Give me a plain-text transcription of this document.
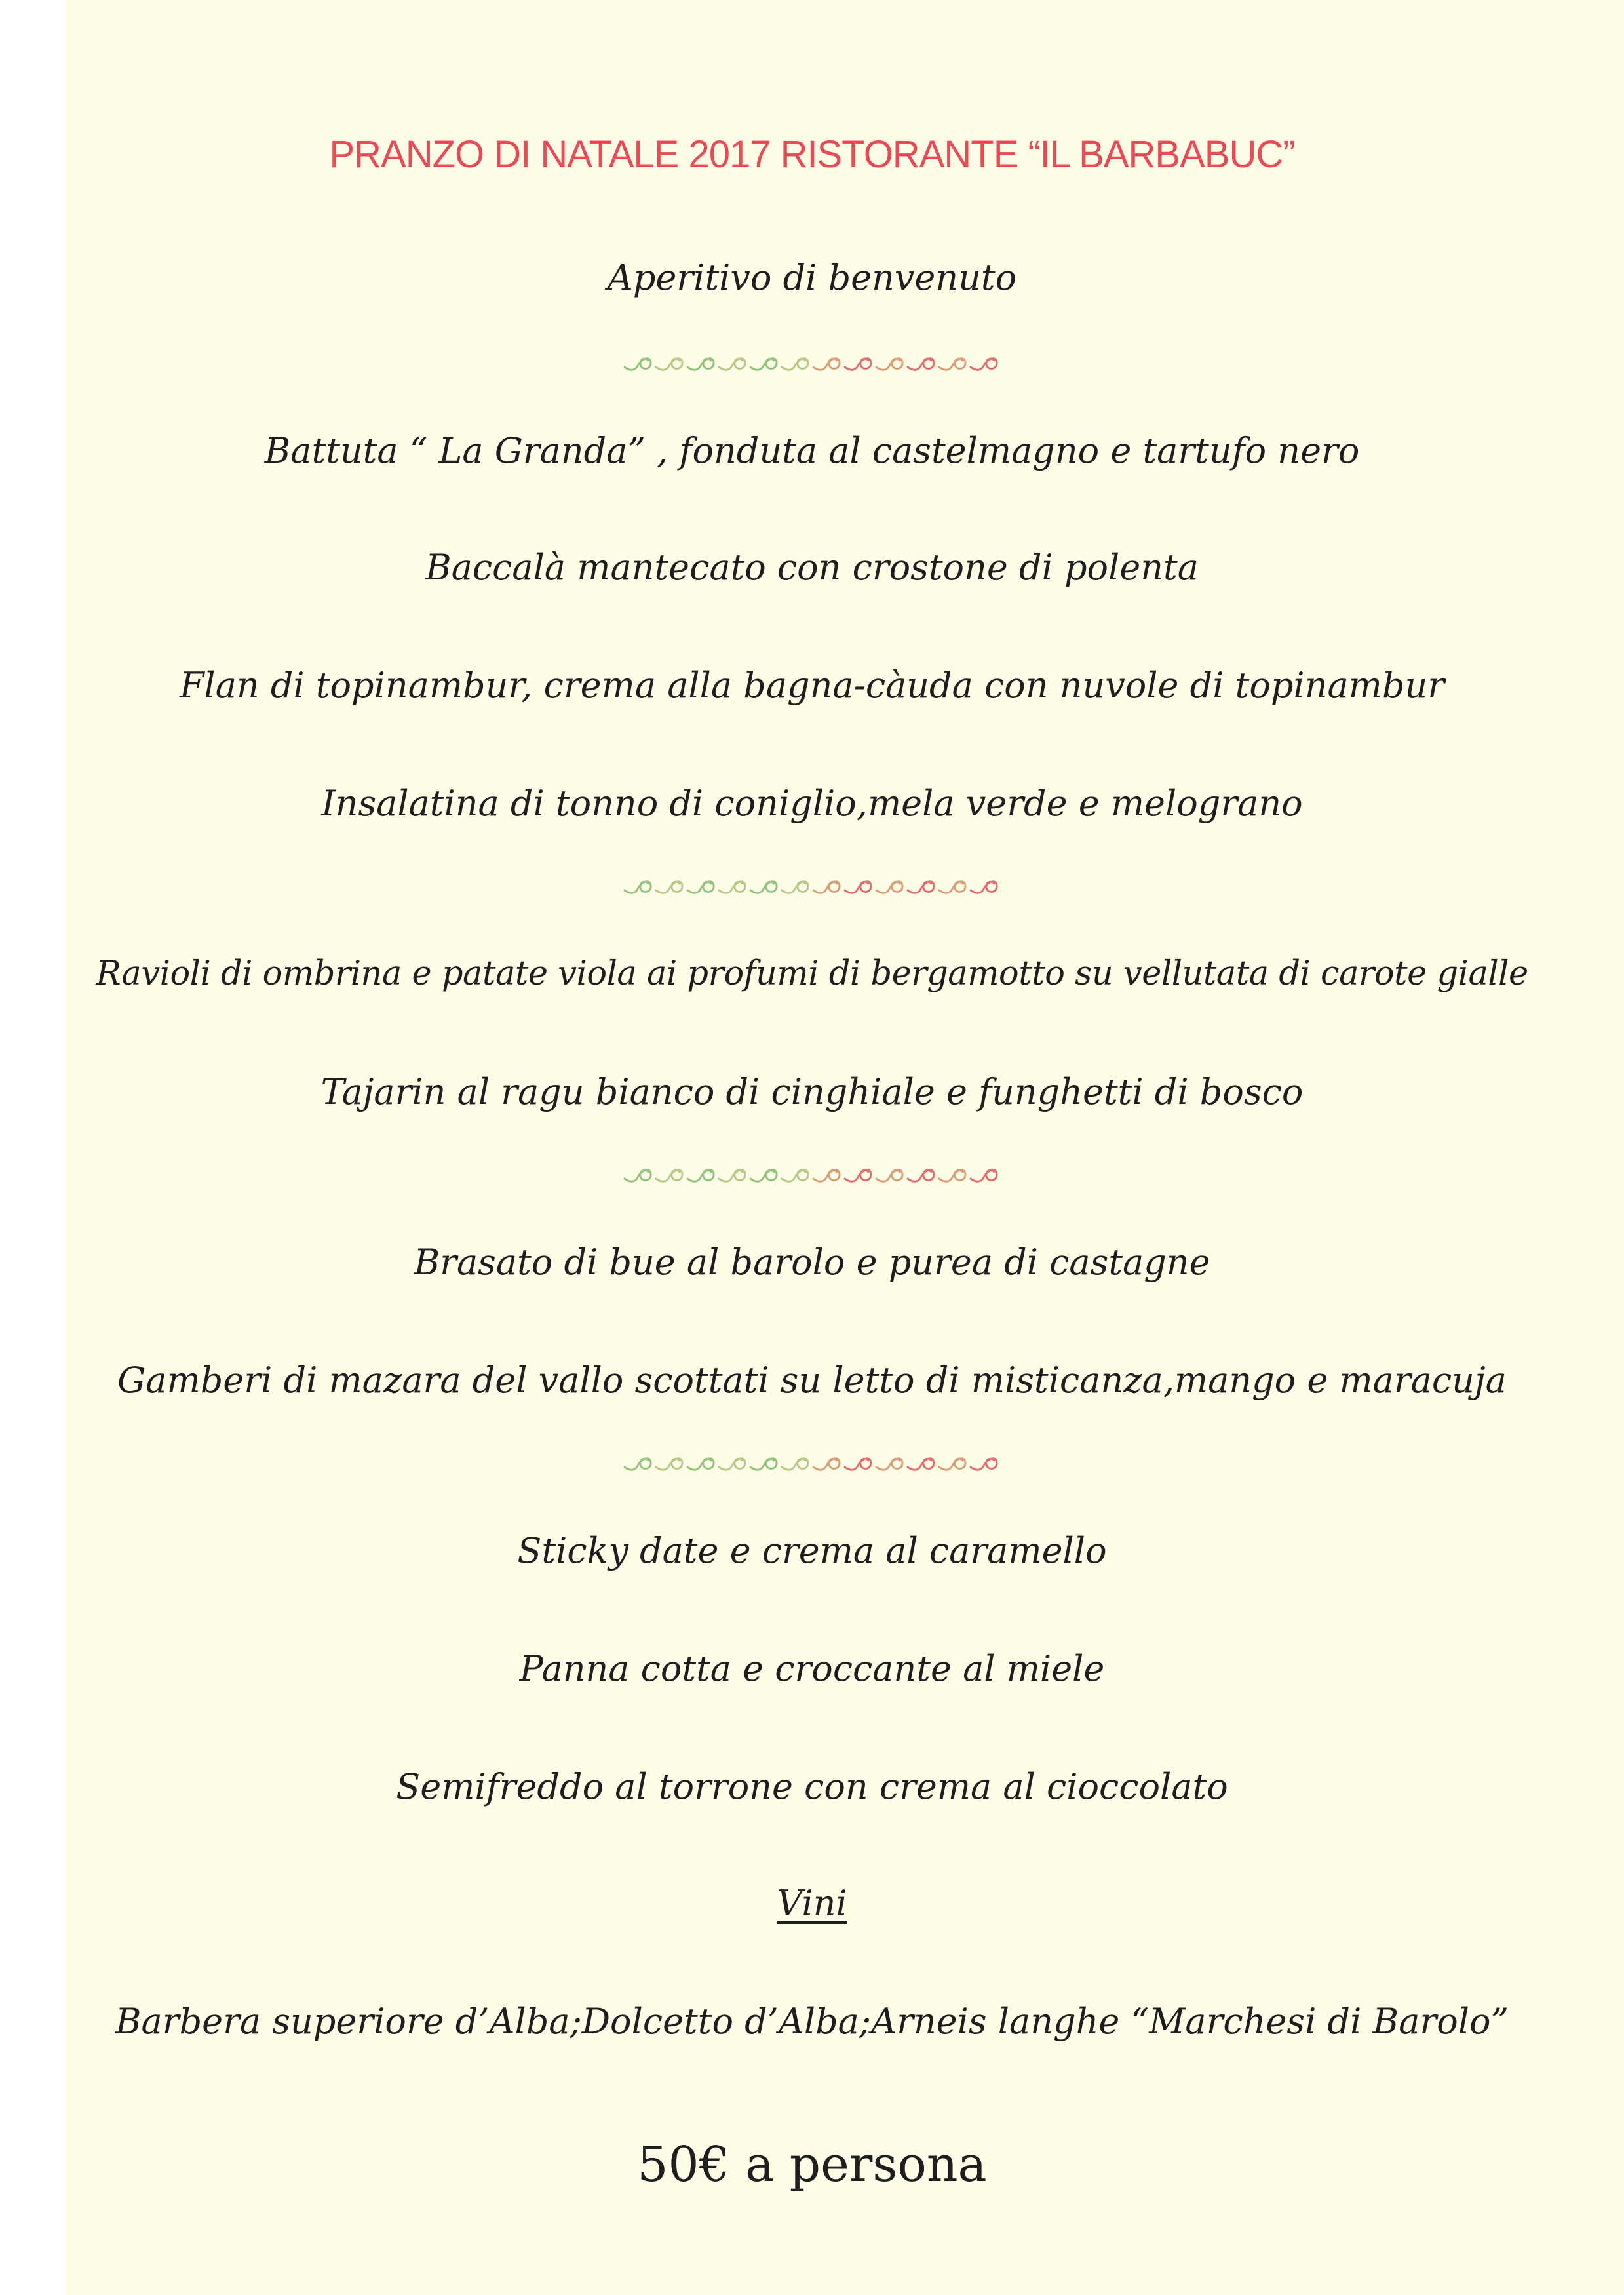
PRANZO DI NATALE 2017 RISTORANTE “IL BARBABUC”
Aperitivo di benvenuto
Battuta “ La Granda” , fonduta al castelmagno e tartufo nero
Baccalà mantecato con crostone di polenta
Flan di topinambur, crema alla bagna-càuda con nuvole di topinambur
Insalatina di tonno di coniglio,mela verde e melograno
Ravioli di ombrina e patate viola ai profumi di bergamotto su vellutata di carote gialle
Tajarin al ragu bianco di cinghiale e funghetti di bosco
Brasato di bue al barolo e purea di castagne
Gamberi di mazara del vallo scottati su letto di misticanza,mango e maracuja
Sticky date e crema al caramello
Panna cotta e croccante al miele
Semifreddo al torrone con crema al cioccolato
Vini
Barbera superiore d’Alba;Dolcetto d’Alba;Arneis langhe “Marchesi di Barolo”
50€ a persona
